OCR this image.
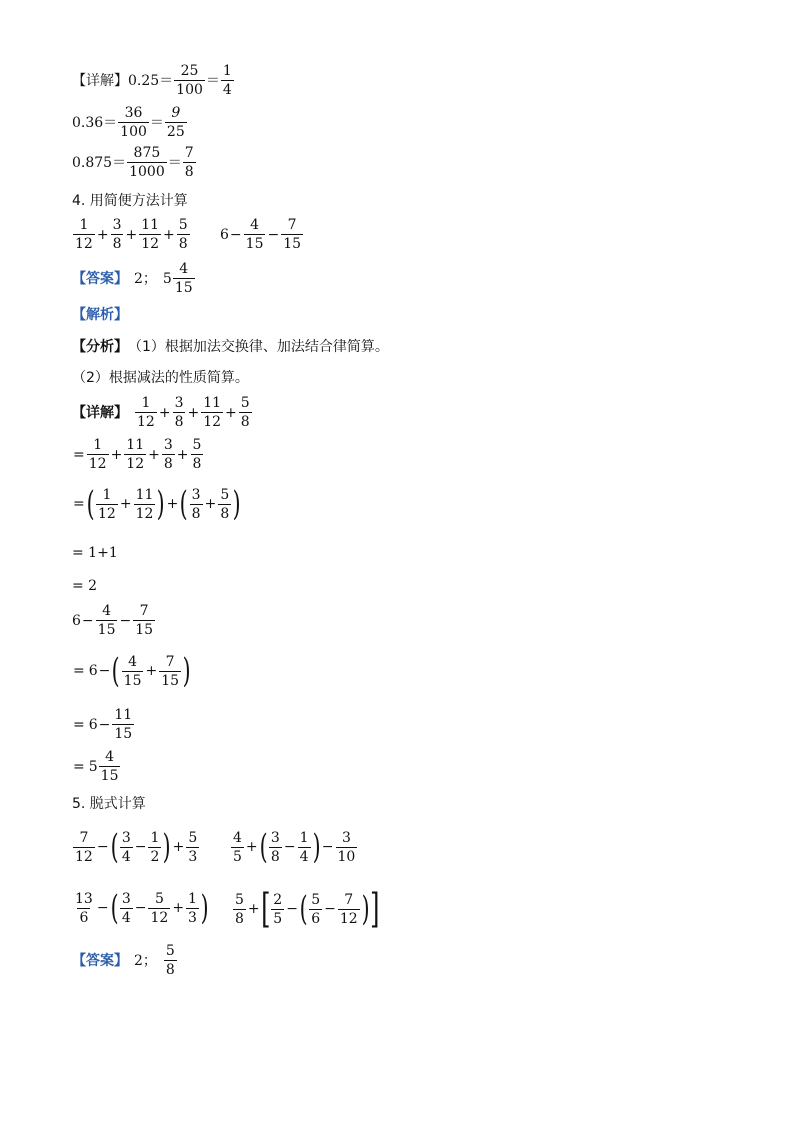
【详解】 $0.25= \frac{25}{100} = \frac{1}{4}$
$0.36= \frac{36}{100} = \frac{9}{25}$
$0.875= \frac{875}{1000} = \frac{7}{8}$
4. 用简便方法计算
$\frac{1}{12} + \frac{3}{8} + \frac{11}{12} + \frac{5}{8} 6 - \frac{4}{15} - \frac{7}{15}$
【答案】 2； $5 \frac{4}{15}$
【解析】
【分析】 （1）根据加法交换律、加法结合律简算。
（2）根据减法的性质简算。
【详解】 $\frac{1}{12} + \frac{3}{8} + \frac{11}{12} + \frac{5}{8}$
= $\frac{1}{12} + \frac{11}{12} + \frac{3}{8} + \frac{5}{8}$
= ( $\frac{1}{12} + \frac{11}{12}$ ) + ( $\frac{3}{8} + \frac{5}{8}$ )
= 1+1
= 2
$6 - \frac{4}{15} - \frac{7}{15}$
= 6 − ( $\frac{4}{15} + \frac{7}{15}$ )
= $6 - \frac{11}{15}$
= $5 \frac{4}{15}$
5. 脱式计算
$\frac{7}{12}$ − ( $\frac{3}{4} - \frac{1}{2}$ ) + $\frac{5}{3} \frac{4}{5}$ + ( $\frac{3}{8} - \frac{1}{4}$ ) − $\frac{3}{10}$
$\frac{13}{6}$ − ( $\frac{3}{4} - \frac{5}{12} + \frac{1}{3}$ ) $\frac{5}{8}$ + [ $\frac{2}{5}$ − ( $\frac{5}{6} - \frac{7}{12}$ ) ]
【答案】 2； $\frac{5}{8}$
